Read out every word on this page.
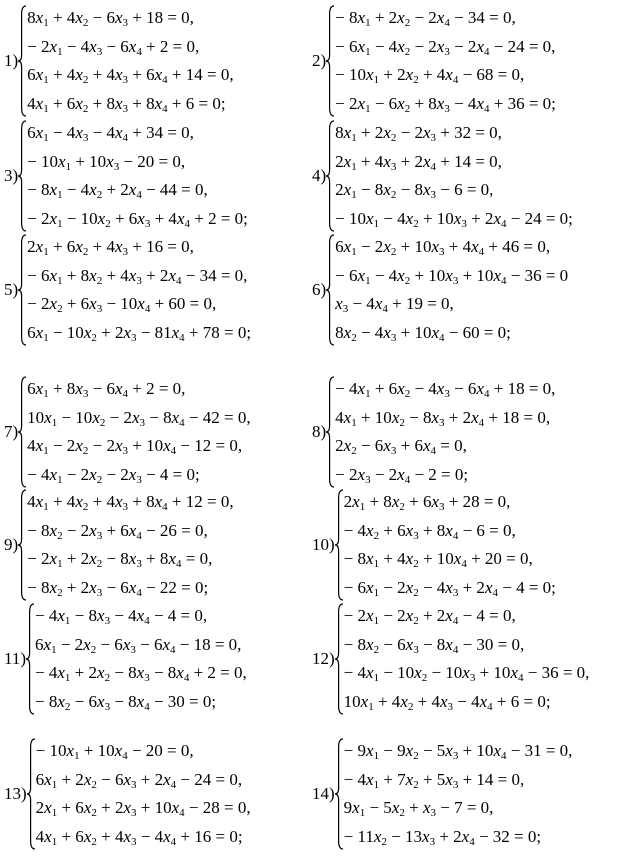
1)
$8x_1 + 4x_2 - 6x_3 + 18 = 0$,
− $2x_1 - 4x_3 - 6x_4 + 2 = 0$,
$6x_1 + 4x_2 + 4x_3 + 6x_4 + 14 = 0$,
$4x_1 + 6x_2 + 8x_3 + 8x_4 + 6 = 0$;
2)
− $8x_1 + 2x_2 - 2x_4 - 34 = 0$,
− $6x_1 - 4x_2 - 2x_3 - 2x_4 - 24 = 0$,
− $10x_1 + 2x_2 + 4x_4 - 68 = 0$,
− $2x_1 - 6x_2 + 8x_3 - 4x_4 + 36 = 0$;
3)
$6x_1 - 4x_3 - 4x_4 + 34 = 0$,
− $10x_1 + 10x_3 - 20 = 0$,
− $8x_1 - 4x_2 + 2x_4 - 44 = 0$,
− $2x_1 - 10x_2 + 6x_3 + 4x_4 + 2 = 0$;
4)
$8x_1 + 2x_2 - 2x_3 + 32 = 0$,
$2x_1 + 4x_3 + 2x_4 + 14 = 0$,
$2x_1 - 8x_2 - 8x_3 - 6 = 0$,
− $10x_1 - 4x_2 + 10x_3 + 2x_4 - 24 = 0$;
5)
$2x_1 + 6x_2 + 4x_3 + 16 = 0$,
− $6x_1 + 8x_2 + 4x_3 + 2x_4 - 34 = 0$,
− $2x_2 + 6x_3 - 10x_4 + 60 = 0$,
$6x_1 - 10x_2 + 2x_3 - 81x_4 + 78 = 0$;
6)
$6x_1 - 2x_2 + 10x_3 + 4x_4 + 46 = 0$,
− $6x_1 - 4x_2 + 10x_3 + 10x_4 - 36 = 0$
$x_3 - 4x_4 + 19 = 0$,
$8x_2 - 4x_3 + 10x_4 - 60 = 0$;
7)
$6x_1 + 8x_3 - 6x_4 + 2 = 0$,
$10x_1 - 10x_2 - 2x_3 - 8x_4 - 42 = 0$,
$4x_1 - 2x_2 - 2x_3 + 10x_4 - 12 = 0$,
− $4x_1 - 2x_2 - 2x_3 - 4 = 0$;
8)
− $4x_1 + 6x_2 - 4x_3 - 6x_4 + 18 = 0$,
$4x_1 + 10x_2 - 8x_3 + 2x_4 + 18 = 0$,
$2x_2 - 6x_3 + 6x_4 = 0$,
− $2x_3 - 2x_4 - 2 = 0$;
9)
$4x_1 + 4x_2 + 4x_3 + 8x_4 + 12 = 0$,
− $8x_2 - 2x_3 + 6x_4 - 26 = 0$,
− $2x_1 + 2x_2 - 8x_3 + 8x_4 = 0$,
− $8x_2 + 2x_3 - 6x_4 - 22 = 0$;
10)
$2x_1 + 8x_2 + 6x_3 + 28 = 0$,
− $4x_2 + 6x_3 + 8x_4 - 6 = 0$,
− $8x_1 + 4x_2 + 10x_4 + 20 = 0$,
− $6x_1 - 2x_2 - 4x_3 + 2x_4 - 4 = 0$;
11)
− $4x_1 - 8x_3 - 4x_4 - 4 = 0$,
$6x_1 - 2x_2 - 6x_3 - 6x_4 - 18 = 0$,
− $4x_1 + 2x_2 - 8x_3 - 8x_4 + 2 = 0$,
− $8x_2 - 6x_3 - 8x_4 - 30 = 0$;
12)
− $2x_1 - 2x_2 + 2x_4 - 4 = 0$,
− $8x_2 - 6x_3 - 8x_4 - 30 = 0$,
− $4x_1 - 10x_2 - 10x_3 + 10x_4 - 36 = 0$,
$10x_1 + 4x_2 + 4x_3 - 4x_4 + 6 = 0$;
13)
− $10x_1 + 10x_4 - 20 = 0$,
$6x_1 + 2x_2 - 6x_3 + 2x_4 - 24 = 0$,
$2x_1 + 6x_2 + 2x_3 + 10x_4 - 28 = 0$,
$4x_1 + 6x_2 + 4x_3 - 4x_4 + 16 = 0$;
14)
− $9x_1 - 9x_2 - 5x_3 + 10x_4 - 31 = 0$,
− $4x_1 + 7x_2 + 5x_3 + 14 = 0$,
$9x_1 - 5x_2 + x_3 - 7 = 0$,
− $11x_2 - 13x_3 + 2x_4 - 32 = 0$;
